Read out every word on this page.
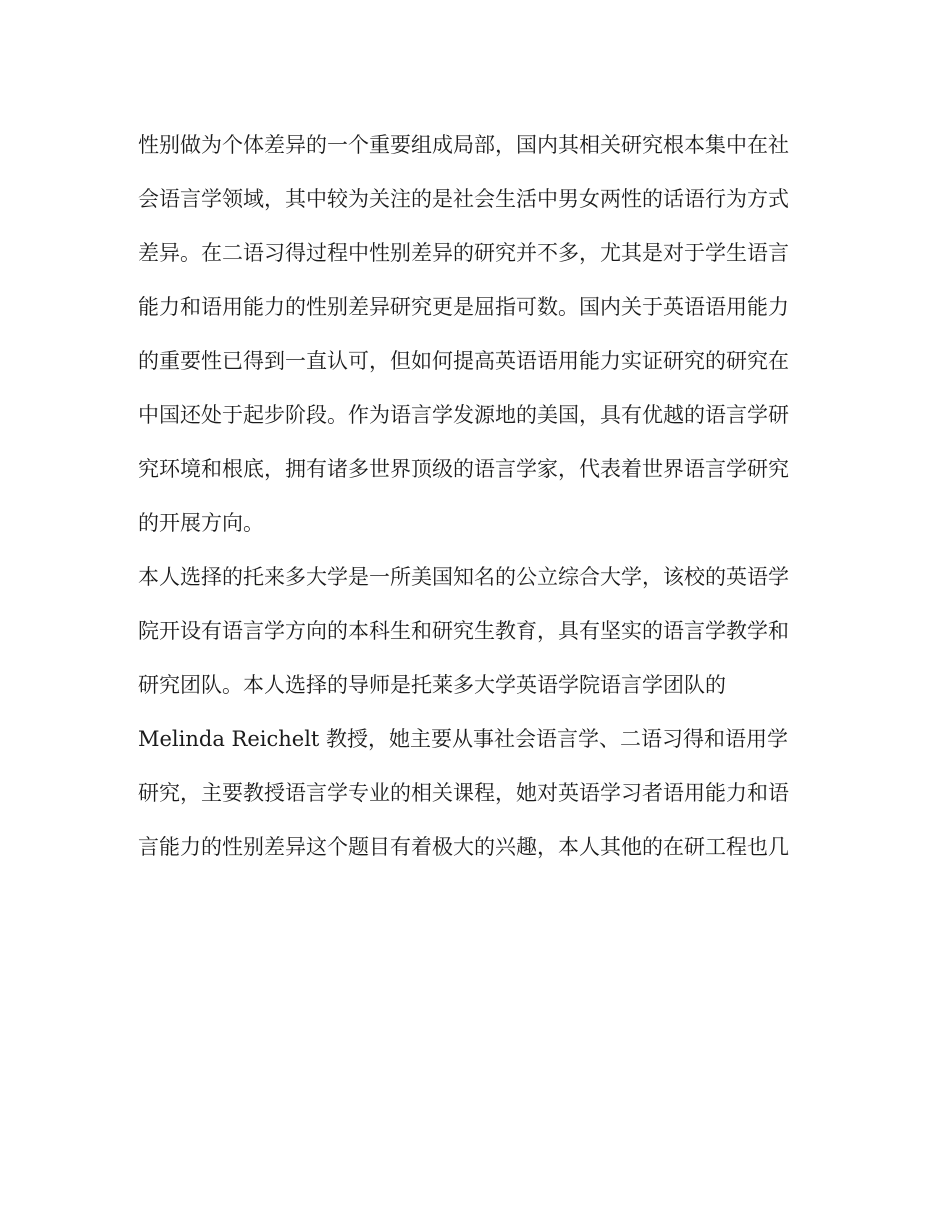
性别做为个体差异的一个重要组成局部，国内其相关研究根本集中在社

会语言学领域，其中较为关注的是社会生活中男女两性的话语行为方式

差异。在二语习得过程中性别差异的研究并不多，尤其是对于学生语言

能力和语用能力的性别差异研究更是屈指可数。国内关于英语语用能力

的重要性已得到一直认可，但如何提高英语语用能力实证研究的研究在

中国还处于起步阶段。作为语言学发源地的美国，具有优越的语言学研

究环境和根底，拥有诸多世界顶级的语言学家，代表着世界语言学研究

的开展方向。

本人选择的托来多大学是一所美国知名的公立综合大学，该校的英语学

院开设有语言学方向的本科生和研究生教育，具有坚实的语言学教学和

研究团队。本人选择的导师是托莱多大学英语学院语言学团队的

Melinda Reichelt 教授，她主要从事社会语言学、二语习得和语用学

研究，主要教授语言学专业的相关课程，她对英语学习者语用能力和语

言能力的性别差异这个题目有着极大的兴趣，本人其他的在研工程也几
